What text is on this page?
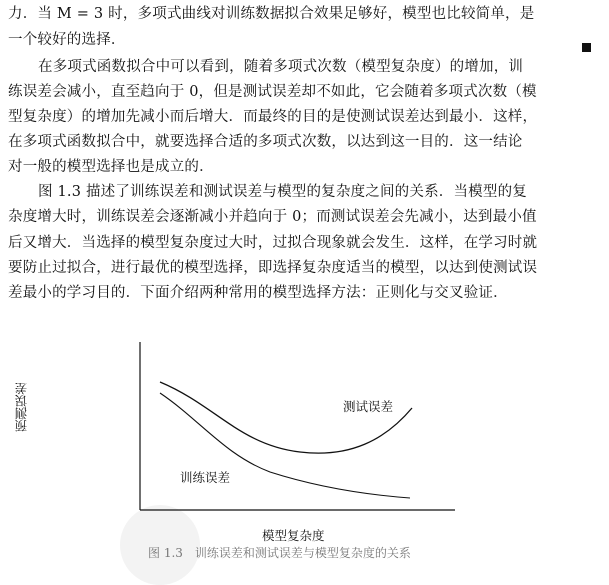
力．当 M = 3 时，多项式曲线对训练数据拟合效果足够好，模型也比较简单，是
一个较好的选择．
在多项式函数拟合中可以看到，随着多项式次数（模型复杂度）的增加，训
练误差会减小，直至趋向于 0，但是测试误差却不如此，它会随着多项式次数（模
型复杂度）的增加先减小而后增大．而最终的目的是使测试误差达到最小．这样，
在多项式函数拟合中，就要选择合适的多项式次数，以达到这一目的．这一结论
对一般的模型选择也是成立的．
图 1.3 描述了训练误差和测试误差与模型的复杂度之间的关系．当模型的复
杂度增大时，训练误差会逐渐减小并趋向于 0；而测试误差会先减小，达到最小值
后又增大．当选择的模型复杂度过大时，过拟合现象就会发生．这样，在学习时就
要防止过拟合，进行最优的模型选择，即选择复杂度适当的模型，以达到使测试误
差最小的学习目的．下面介绍两种常用的模型选择方法：正则化与交叉验证．
预测误差	测试误差
训练误差
模型复杂度
图 1.3　训练误差和测试误差与模型复杂度的关系
